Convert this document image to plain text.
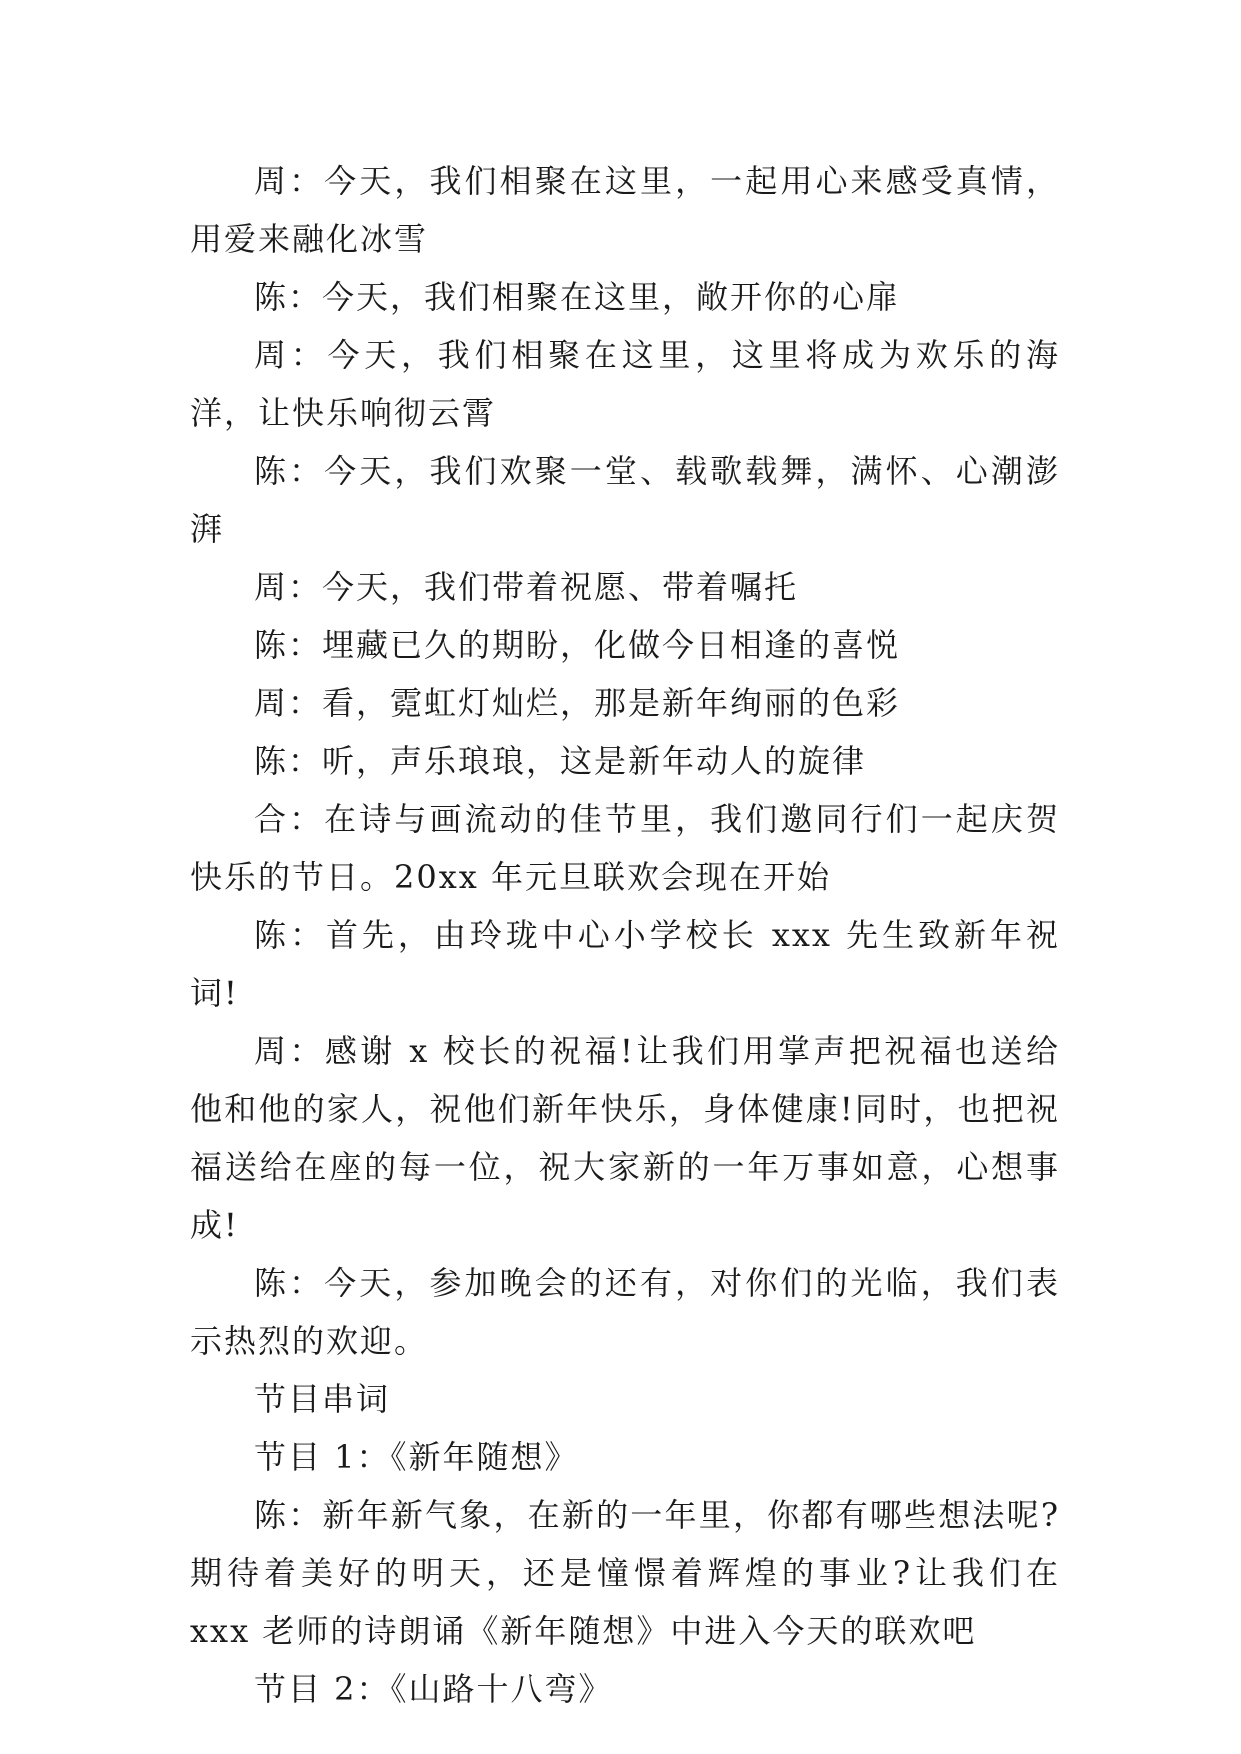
周：今天，我们相聚在这里，一起用心来感受真情，用爱来融化冰雪

陈：今天，我们相聚在这里，敞开你的心扉

周：今天，我们相聚在这里，这里将成为欢乐的海洋，让快乐响彻云霄

陈：今天，我们欢聚一堂、载歌载舞，满怀、心潮澎湃

周：今天，我们带着祝愿、带着嘱托

陈：埋藏已久的期盼，化做今日相逢的喜悦

周：看，霓虹灯灿烂，那是新年绚丽的色彩

陈：听，声乐琅琅，这是新年动人的旋律

合：在诗与画流动的佳节里，我们邀同行们一起庆贺快乐的节日。20xx 年元旦联欢会现在开始

陈：首先，由玲珑中心小学校长 xxx 先生致新年祝词!

周：感谢 x 校长的祝福!让我们用掌声把祝福也送给他和他的家人，祝他们新年快乐，身体健康!同时，也把祝福送给在座的每一位，祝大家新的一年万事如意，心想事成!

陈：今天，参加晚会的还有，对你们的光临，我们表示热烈的欢迎。

节目串词

节目 1：《新年随想》

陈：新年新气象，在新的一年里，你都有哪些想法呢?期待着美好的明天，还是憧憬着辉煌的事业?让我们在 xxx 老师的诗朗诵《新年随想》中进入今天的联欢吧

节目 2：《山路十八弯》
